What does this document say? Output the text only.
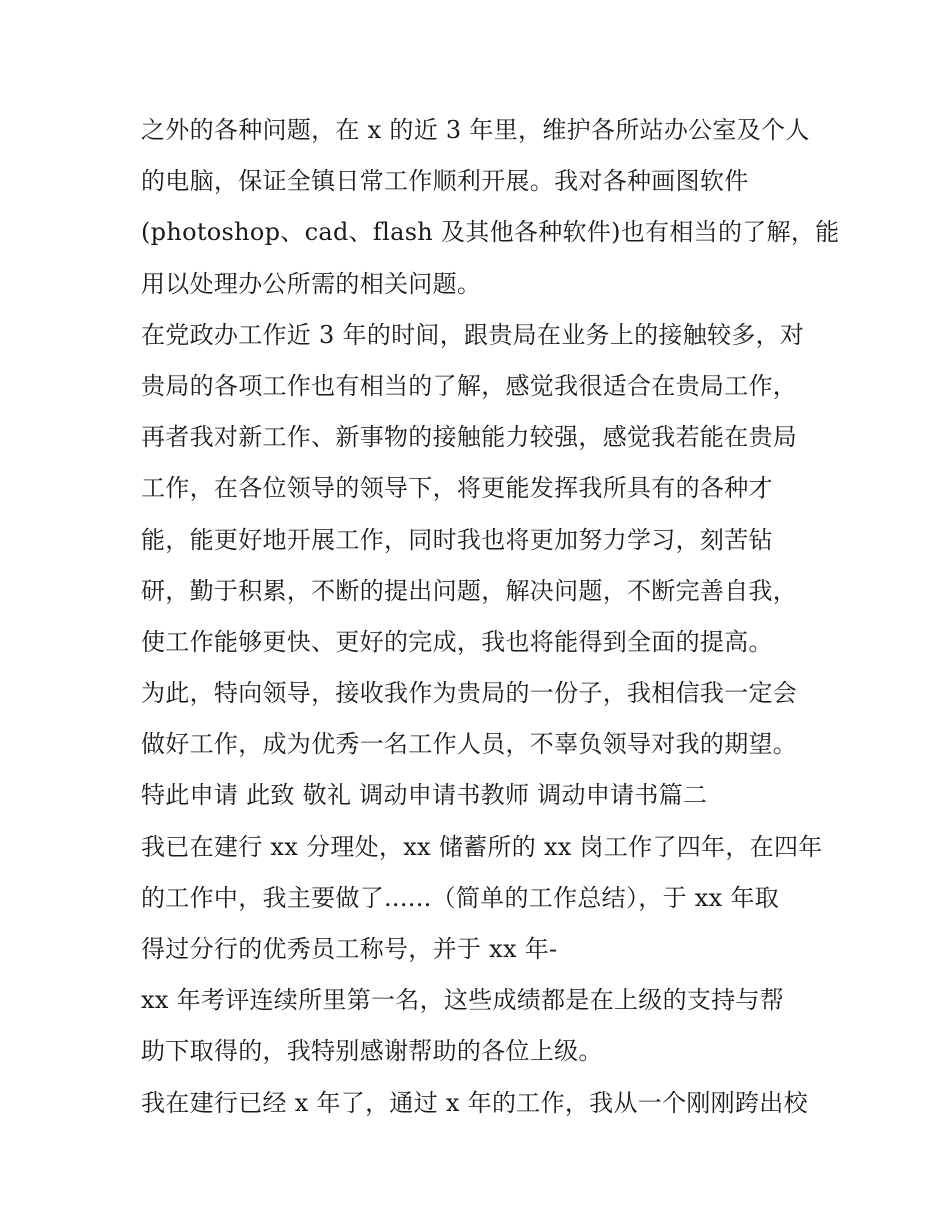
之外的各种问题，在 x 的近 3 年里，维护各所站办公室及个人
的电脑，保证全镇日常工作顺利开展。我对各种画图软件
(photoshop、cad、flash 及其他各种软件)也有相当的了解，能
用以处理办公所需的相关问题。
在党政办工作近 3 年的时间，跟贵局在业务上的接触较多，对
贵局的各项工作也有相当的了解，感觉我很适合在贵局工作，
再者我对新工作、新事物的接触能力较强，感觉我若能在贵局
工作，在各位领导的领导下，将更能发挥我所具有的各种才
能，能更好地开展工作，同时我也将更加努力学习，刻苦钻
研，勤于积累，不断的提出问题，解决问题，不断完善自我，
使工作能够更快、更好的完成，我也将能得到全面的提高。
为此，特向领导，接收我作为贵局的一份子，我相信我一定会
做好工作，成为优秀一名工作人员，不辜负领导对我的期望。
特此申请 此致 敬礼 调动申请书教师 调动申请书篇二
我已在建行 xx 分理处，xx 储蓄所的 xx 岗工作了四年，在四年
的工作中，我主要做了......（简单的工作总结），于 xx 年取
得过分行的优秀员工称号，并于 xx 年-
xx 年考评连续所里第一名，这些成绩都是在上级的支持与帮
助下取得的，我特别感谢帮助的各位上级。
我在建行已经 x 年了，通过 x 年的工作，我从一个刚刚跨出校
